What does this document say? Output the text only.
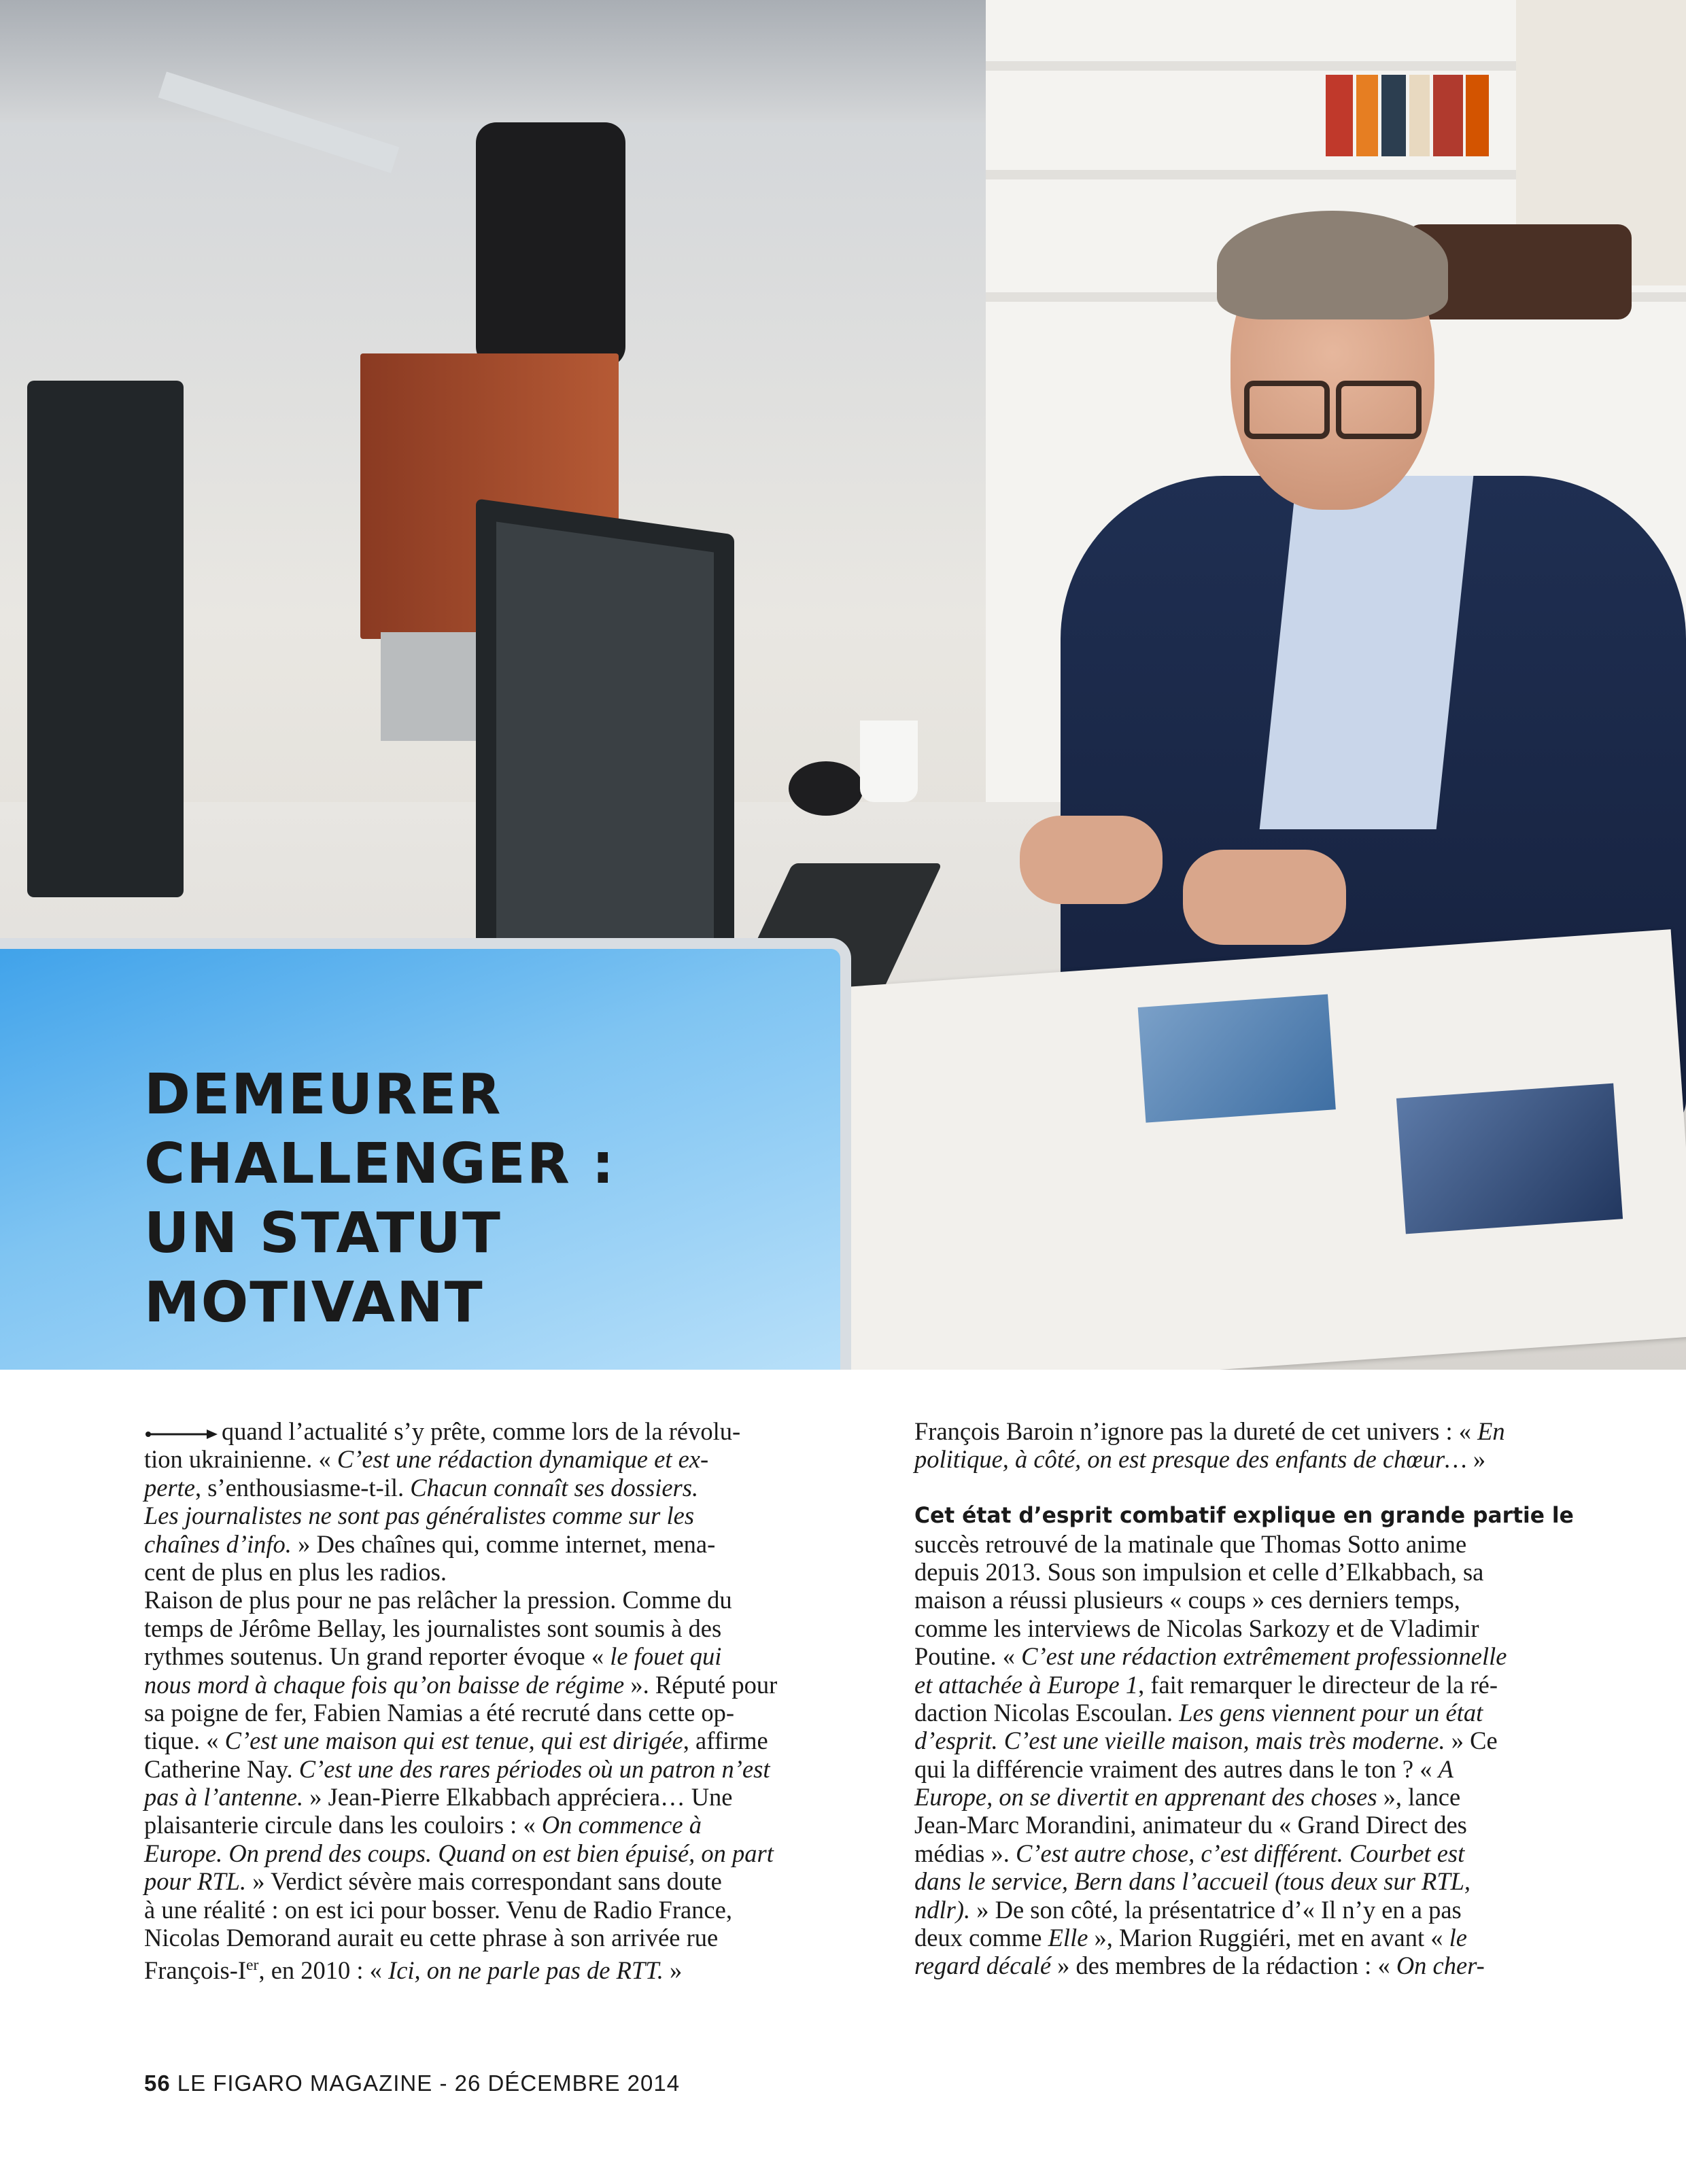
DEMEURER
CHALLENGER :
UN STATUT
MOTIVANT
quand l’actualité s’y prête, comme lors de la révolu-
tion ukrainienne. « C’est une rédaction dynamique et ex-
perte, s’enthousiasme-t-il. Chacun connaît ses dossiers.
Les journalistes ne sont pas généralistes comme sur les
chaînes d’info. » Des chaînes qui, comme internet, mena-
cent de plus en plus les radios.
Raison de plus pour ne pas relâcher la pression. Comme du
temps de Jérôme Bellay, les journalistes sont soumis à des
rythmes soutenus. Un grand reporter évoque « le fouet qui
nous mord à chaque fois qu’on baisse de régime ». Réputé pour
sa poigne de fer, Fabien Namias a été recruté dans cette op-
tique. « C’est une maison qui est tenue, qui est dirigée, affirme
Catherine Nay. C’est une des rares périodes où un patron n’est
pas à l’antenne. » Jean-Pierre Elkabbach appréciera… Une
plaisanterie circule dans les couloirs : « On commence à
Europe. On prend des coups. Quand on est bien épuisé, on part
pour RTL. » Verdict sévère mais correspondant sans doute
à une réalité : on est ici pour bosser. Venu de Radio France,
Nicolas Demorand aurait eu cette phrase à son arrivée rue
François-Ier, en 2010 : « Ici, on ne parle pas de RTT. »
François Baroin n’ignore pas la dureté de cet univers : « En
politique, à côté, on est presque des enfants de chœur… »
Cet état d’esprit combatif explique en grande partie le
succès retrouvé de la matinale que Thomas Sotto anime
depuis 2013. Sous son impulsion et celle d’Elkabbach, sa
maison a réussi plusieurs « coups » ces derniers temps,
comme les interviews de Nicolas Sarkozy et de Vladimir
Poutine. « C’est une rédaction extrêmement professionnelle
et attachée à Europe 1, fait remarquer le directeur de la ré-
daction Nicolas Escoulan. Les gens viennent pour un état
d’esprit. C’est une vieille maison, mais très moderne. » Ce
qui la différencie vraiment des autres dans le ton ? « A
Europe, on se divertit en apprenant des choses », lance
Jean-Marc Morandini, animateur du « Grand Direct des
médias ». C’est autre chose, c’est différent. Courbet est
dans le service, Bern dans l’accueil (tous deux sur RTL,
ndlr). » De son côté, la présentatrice d’« Il n’y en a pas
deux comme Elle », Marion Ruggiéri, met en avant « le
regard décalé » des membres de la rédaction : « On cher-
56 LE FIGARO MAGAZINE - 26 DÉCEMBRE 2014
